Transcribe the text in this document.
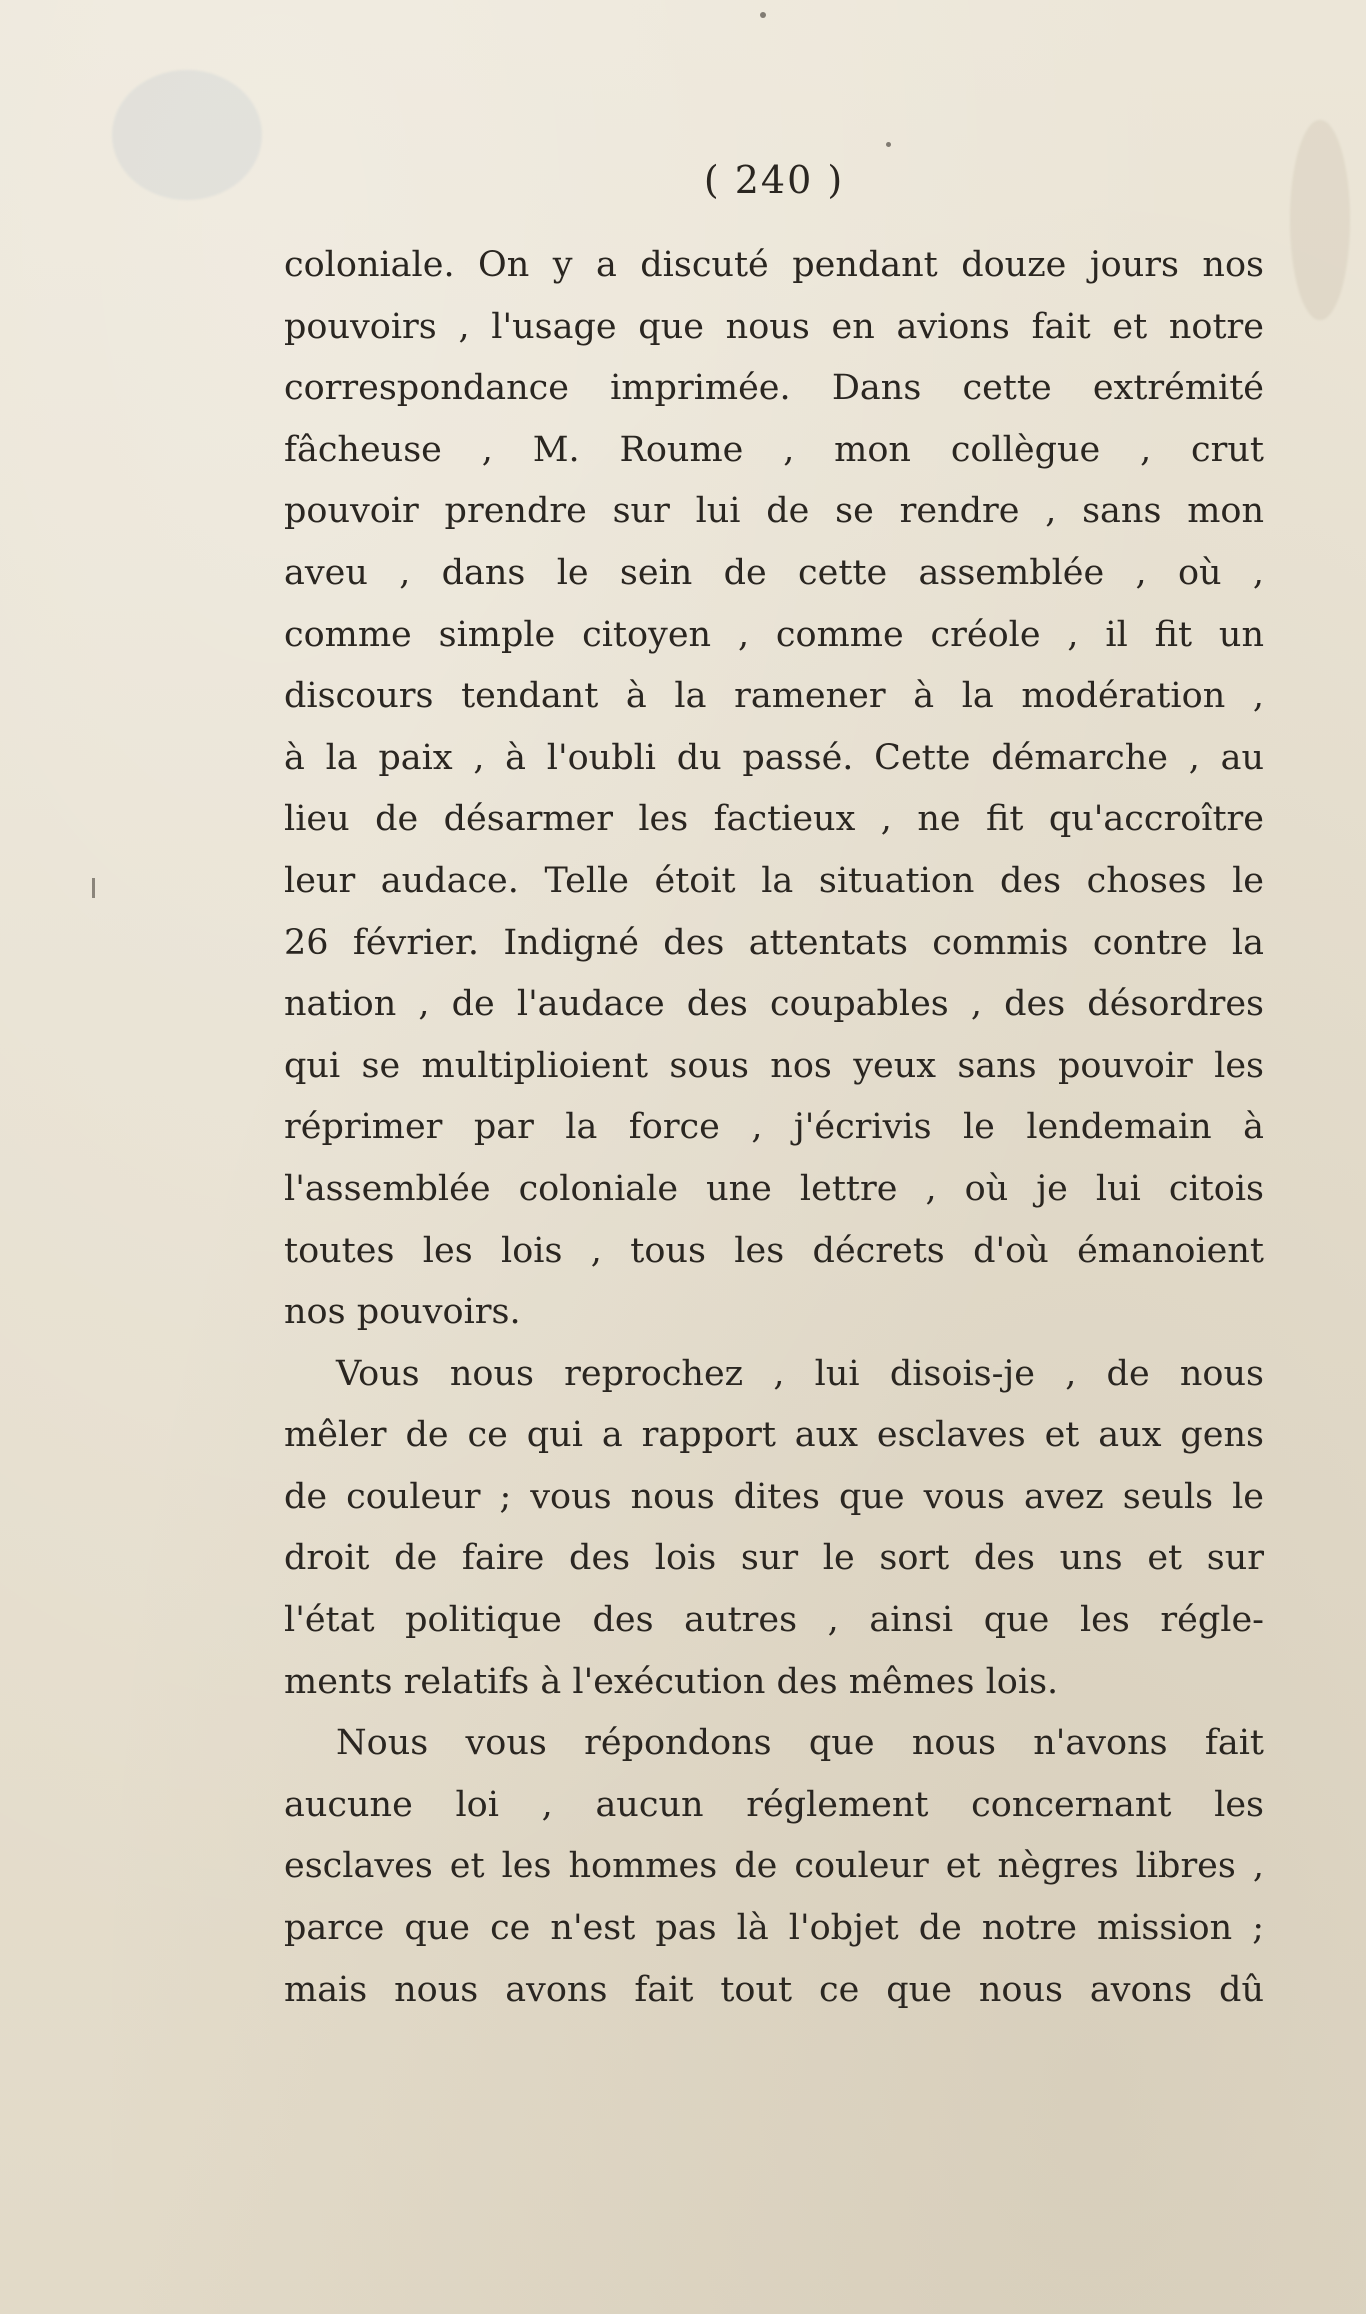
( 240 )
coloniale. On y a discuté pendant douze jours nos
pouvoirs , l'usage que nous en avions fait et notre
correspondance imprimée. Dans cette extrémité
fâcheuse , M. Roume , mon collègue , crut
pouvoir prendre sur lui de se rendre , sans mon
aveu , dans le sein de cette assemblée , où ,
comme simple citoyen , comme créole , il fit un
discours tendant à la ramener à la modération ,
à la paix , à l'oubli du passé. Cette démarche , au
lieu de désarmer les factieux , ne fit qu'accroître
leur audace. Telle étoit la situation des choses le
26 février. Indigné des attentats commis contre la
nation , de l'audace des coupables , des désordres
qui se multiplioient sous nos yeux sans pouvoir les
réprimer par la force , j'écrivis le lendemain à
l'assemblée coloniale une lettre , où je lui citois
toutes les lois , tous les décrets d'où émanoient
nos pouvoirs.
Vous nous reprochez , lui disois-je , de nous
mêler de ce qui a rapport aux esclaves et aux gens
de couleur ; vous nous dites que vous avez seuls le
droit de faire des lois sur le sort des uns et sur
l'état politique des autres , ainsi que les régle-
ments relatifs à l'exécution des mêmes lois.
Nous vous répondons que nous n'avons fait
aucune loi , aucun réglement concernant les
esclaves et les hommes de couleur et nègres libres ,
parce que ce n'est pas là l'objet de notre mission ;
mais nous avons fait tout ce que nous avons dû
